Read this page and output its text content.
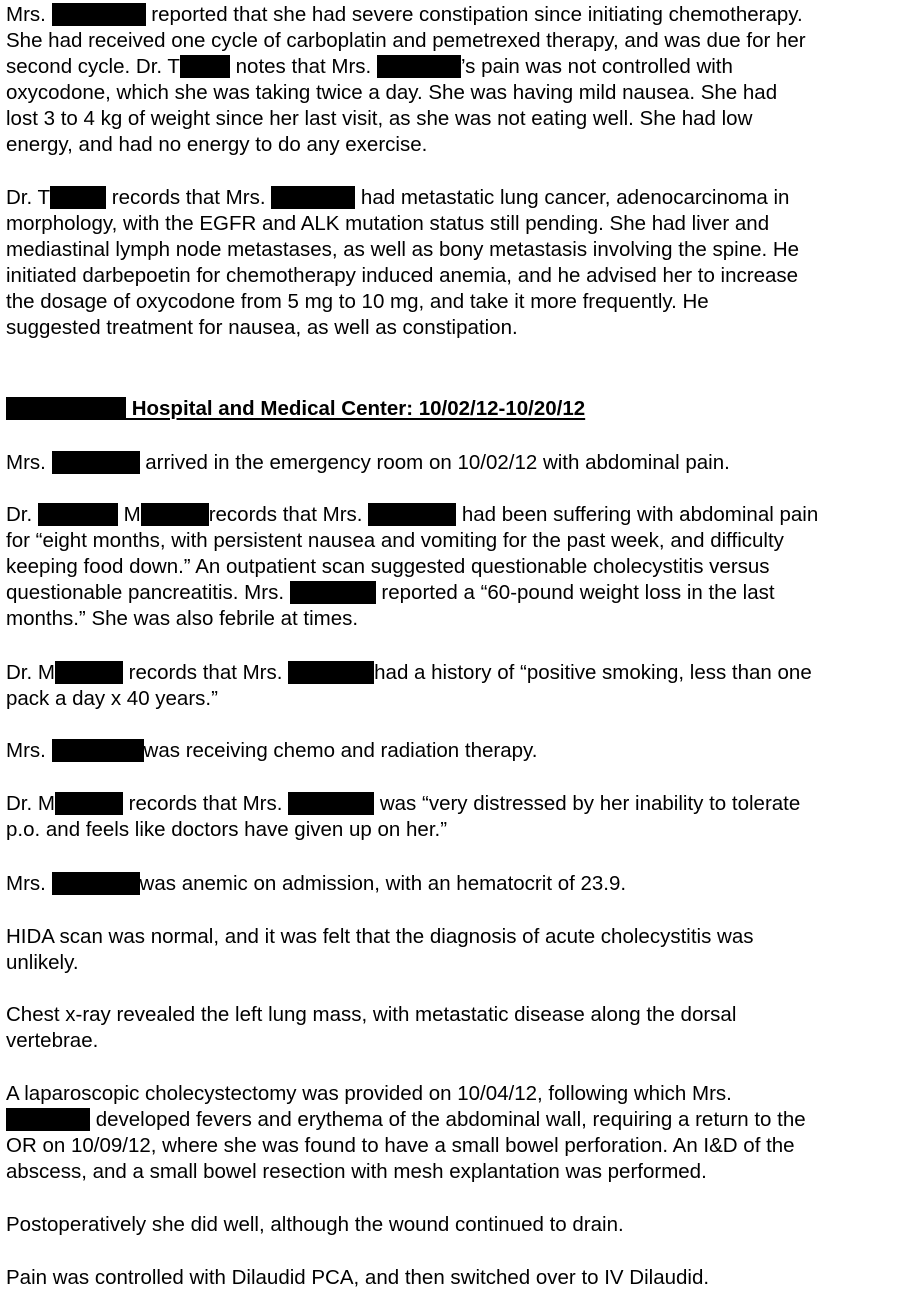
Mrs.	reported that she had severe constipation since initiating chemotherapy.
She had received one cycle of carboplatin and pemetrexed therapy, and was due for her
second cycle. Dr. T notes that Mrs.	’s pain was not controlled with
oxycodone, which she was taking twice a day. She was having mild nausea. She had
lost 3 to 4 kg of weight since her last visit, as she was not eating well. She had low
energy, and had no energy to do any exercise.
Dr. T	records that Mrs.	had metastatic lung cancer, adenocarcinoma in
morphology, with the EGFR and ALK mutation status still pending. She had liver and
mediastinal lymph node metastases, as well as bony metastasis involving the spine. He
initiated darbepoetin for chemotherapy induced anemia, and he advised her to increase
the dosage of oxycodone from 5 mg to 10 mg, and take it more frequently. He
suggested treatment for nausea, as well as constipation.
Hospital and Medical Center: 10/02/12-10/20/12
Mrs.	arrived in the emergency room on 10/02/12 with abdominal pain.
Dr.	M	records that Mrs.	had been suffering with abdominal pain
for “eight months, with persistent nausea and vomiting for the past week, and difficulty
keeping food down.” An outpatient scan suggested questionable cholecystitis versus
questionable pancreatitis. Mrs.	reported a “60-pound weight loss in the last
months.” She was also febrile at times.
Dr. M	records that Mrs.	had a history of “positive smoking, less than one
pack a day x 40 years.”
Mrs.	was receiving chemo and radiation therapy.
Dr. M	records that Mrs.	was “very distressed by her inability to tolerate
p.o. and feels like doctors have given up on her.”
Mrs.	was anemic on admission, with an hematocrit of 23.9.
HIDA scan was normal, and it was felt that the diagnosis of acute cholecystitis was
unlikely.
Chest x-ray revealed the left lung mass, with metastatic disease along the dorsal
vertebrae.
A laparoscopic cholecystectomy was provided on 10/04/12, following which Mrs.
developed fevers and erythema of the abdominal wall, requiring a return to the
OR on 10/09/12, where she was found to have a small bowel perforation. An I&D of the
abscess, and a small bowel resection with mesh explantation was performed.
Postoperatively she did well, although the wound continued to drain.
Pain was controlled with Dilaudid PCA, and then switched over to IV Dilaudid.
